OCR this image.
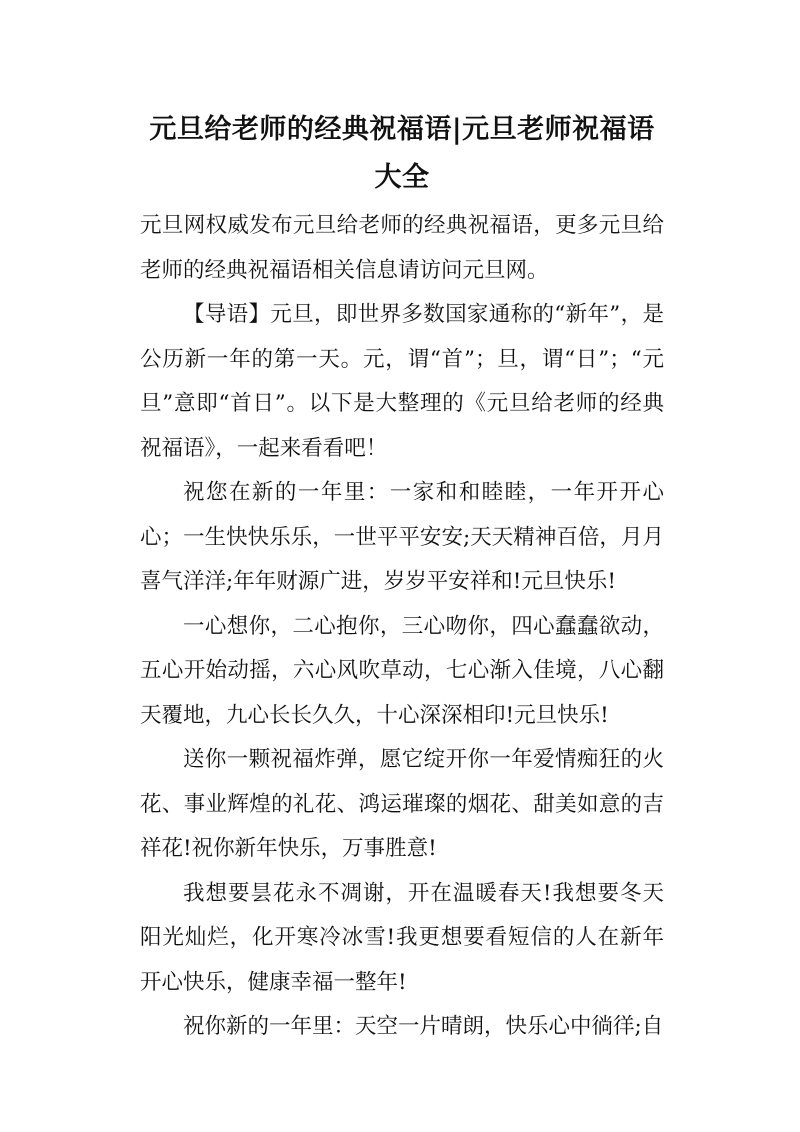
元旦给老师的经典祝福语|元旦老师祝福语大全

元旦网权威发布元旦给老师的经典祝福语，更多元旦给老师的经典祝福语相关信息请访问元旦网。

【导语】元旦，即世界多数国家通称的“新年”，是公历新一年的第一天。元，谓“首”；旦，谓“日”；“元旦”意即“首日”。以下是大整理的《元旦给老师的经典祝福语》，一起来看看吧！

祝您在新的一年里：一家和和睦睦，一年开开心心；一生快快乐乐，一世平平安安;天天精神百倍，月月喜气洋洋;年年财源广进，岁岁平安祥和!元旦快乐!

一心想你，二心抱你，三心吻你，四心蠢蠢欲动，五心开始动摇，六心风吹草动，七心渐入佳境，八心翻天覆地，九心长长久久，十心深深相印!元旦快乐!

送你一颗祝福炸弹，愿它绽开你一年爱情痴狂的火花、事业辉煌的礼花、鸿运璀璨的烟花、甜美如意的吉祥花!祝你新年快乐，万事胜意!

我想要昙花永不凋谢，开在温暖春天!我想要冬天阳光灿烂，化开寒冷冰雪!我更想要看短信的人在新年开心快乐，健康幸福一整年!

祝你新的一年里：天空一片晴朗，快乐心中徜徉;自
